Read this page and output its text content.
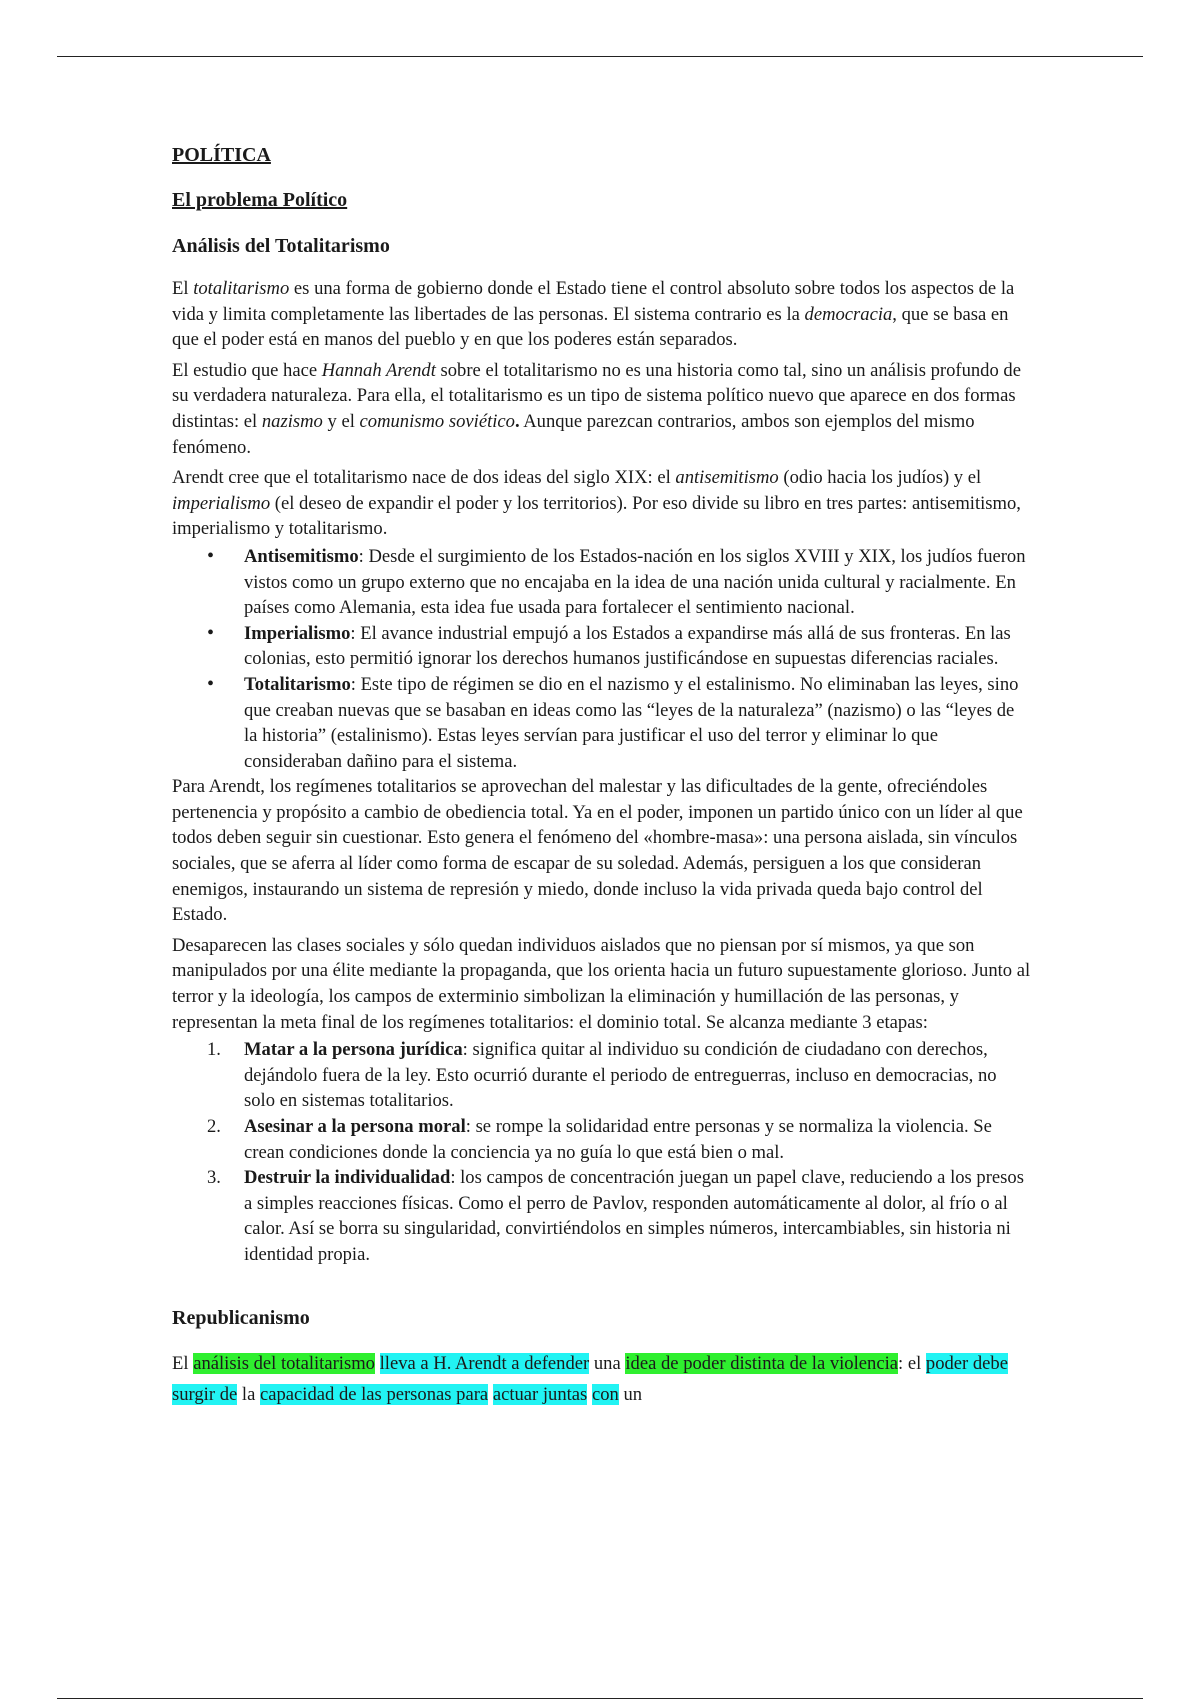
POLÍTICA

El problema Político

Análisis del Totalitarismo

El totalitarismo es una forma de gobierno donde el Estado tiene el control absoluto sobre todos los aspectos de la vida y limita completamente las libertades de las personas. El sistema contrario es la democracia, que se basa en que el poder está en manos del pueblo y en que los poderes están separados.

El estudio que hace Hannah Arendt sobre el totalitarismo no es una historia como tal, sino un análisis profundo de su verdadera naturaleza. Para ella, el totalitarismo es un tipo de sistema político nuevo que aparece en dos formas distintas: el nazismo y el comunismo soviético. Aunque parezcan contrarios, ambos son ejemplos del mismo fenómeno.

Arendt cree que el totalitarismo nace de dos ideas del siglo XIX: el antisemitismo (odio hacia los judíos) y el imperialismo (el deseo de expandir el poder y los territorios). Por eso divide su libro en tres partes: antisemitismo, imperialismo y totalitarismo.

• Antisemitismo: Desde el surgimiento de los Estados-nación en los siglos XVIII y XIX, los judíos fueron vistos como un grupo externo que no encajaba en la idea de una nación unida cultural y racialmente. En países como Alemania, esta idea fue usada para fortalecer el sentimiento nacional.
• Imperialismo: El avance industrial empujó a los Estados a expandirse más allá de sus fronteras. En las colonias, esto permitió ignorar los derechos humanos justificándose en supuestas diferencias raciales.
• Totalitarismo: Este tipo de régimen se dio en el nazismo y el estalinismo. No eliminaban las leyes, sino que creaban nuevas que se basaban en ideas como las “leyes de la naturaleza” (nazismo) o las “leyes de la historia” (estalinismo). Estas leyes servían para justificar el uso del terror y eliminar lo que consideraban dañino para el sistema.

Para Arendt, los regímenes totalitarios se aprovechan del malestar y las dificultades de la gente, ofreciéndoles pertenencia y propósito a cambio de obediencia total. Ya en el poder, imponen un partido único con un líder al que todos deben seguir sin cuestionar. Esto genera el fenómeno del «hombre-masa»: una persona aislada, sin vínculos sociales, que se aferra al líder como forma de escapar de su soledad. Además, persiguen a los que consideran enemigos, instaurando un sistema de represión y miedo, donde incluso la vida privada queda bajo control del Estado.

Desaparecen las clases sociales y sólo quedan individuos aislados que no piensan por sí mismos, ya que son manipulados por una élite mediante la propaganda, que los orienta hacia un futuro supuestamente glorioso. Junto al terror y la ideología, los campos de exterminio simbolizan la eliminación y humillación de las personas, y representan la meta final de los regímenes totalitarios: el dominio total. Se alcanza mediante 3 etapas:

1. Matar a la persona jurídica: significa quitar al individuo su condición de ciudadano con derechos, dejándolo fuera de la ley. Esto ocurrió durante el periodo de entreguerras, incluso en democracias, no solo en sistemas totalitarios.
2. Asesinar a la persona moral: se rompe la solidaridad entre personas y se normaliza la violencia. Se crean condiciones donde la conciencia ya no guía lo que está bien o mal.
3. Destruir la individualidad: los campos de concentración juegan un papel clave, reduciendo a los presos a simples reacciones físicas. Como el perro de Pavlov, responden automáticamente al dolor, al frío o al calor. Así se borra su singularidad, convirtiéndolos en simples números, intercambiables, sin historia ni identidad propia.

Republicanismo

El análisis del totalitarismo lleva a H. Arendt a defender una idea de poder distinta de la violencia: el poder debe surgir de la capacidad de las personas para actuar juntas con un
